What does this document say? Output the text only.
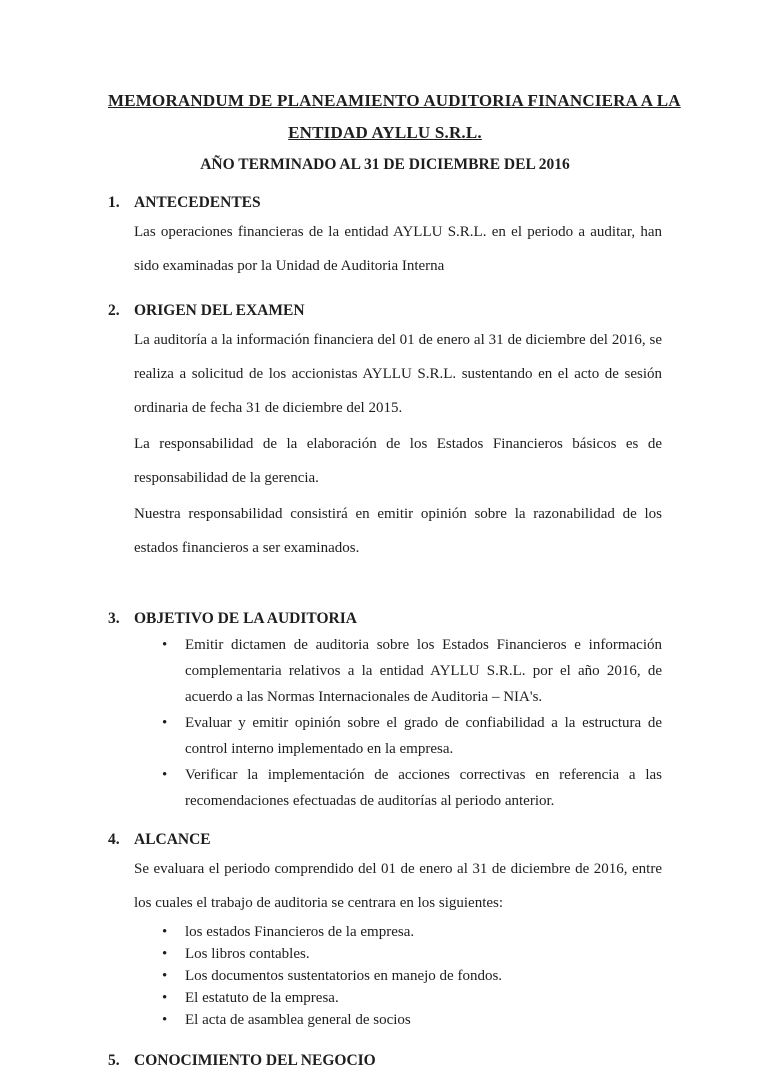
MEMORANDUM DE PLANEAMIENTO AUDITORIA FINANCIERA A LA
ENTIDAD AYLLU S.R.L.
AÑO TERMINADO AL 31 DE DICIEMBRE DEL 2016
1. ANTECEDENTES
Las operaciones financieras de la entidad AYLLU S.R.L. en el periodo a auditar, han sido examinadas por la Unidad de Auditoria Interna
2. ORIGEN DEL EXAMEN
La auditoría a la información financiera del 01 de enero al 31 de diciembre del 2016, se realiza a solicitud de los accionistas AYLLU S.R.L. sustentando en el acto de sesión ordinaria de fecha 31 de diciembre del 2015.
La responsabilidad de la elaboración de los Estados Financieros básicos es de responsabilidad de la gerencia.
Nuestra responsabilidad consistirá en emitir opinión sobre la razonabilidad de los estados financieros a ser examinados.
3. OBJETIVO DE LA AUDITORIA
• Emitir dictamen de auditoria sobre los Estados Financieros e información complementaria relativos a la entidad AYLLU S.R.L. por el año 2016, de acuerdo a las Normas Internacionales de Auditoria – NIA's.
• Evaluar y emitir opinión sobre el grado de confiabilidad a la estructura de control interno implementado en la empresa.
• Verificar la implementación de acciones correctivas en referencia a las recomendaciones efectuadas de auditorías al periodo anterior.
4. ALCANCE
Se evaluara el periodo comprendido del 01 de enero al 31 de diciembre de 2016, entre los cuales el trabajo de auditoria se centrara en los siguientes:
• los estados Financieros de la empresa.
• Los libros contables.
• Los documentos sustentatorios en manejo de fondos.
• El estatuto de la empresa.
• El acta de asamblea general de socios
5. CONOCIMIENTO DEL NEGOCIO
